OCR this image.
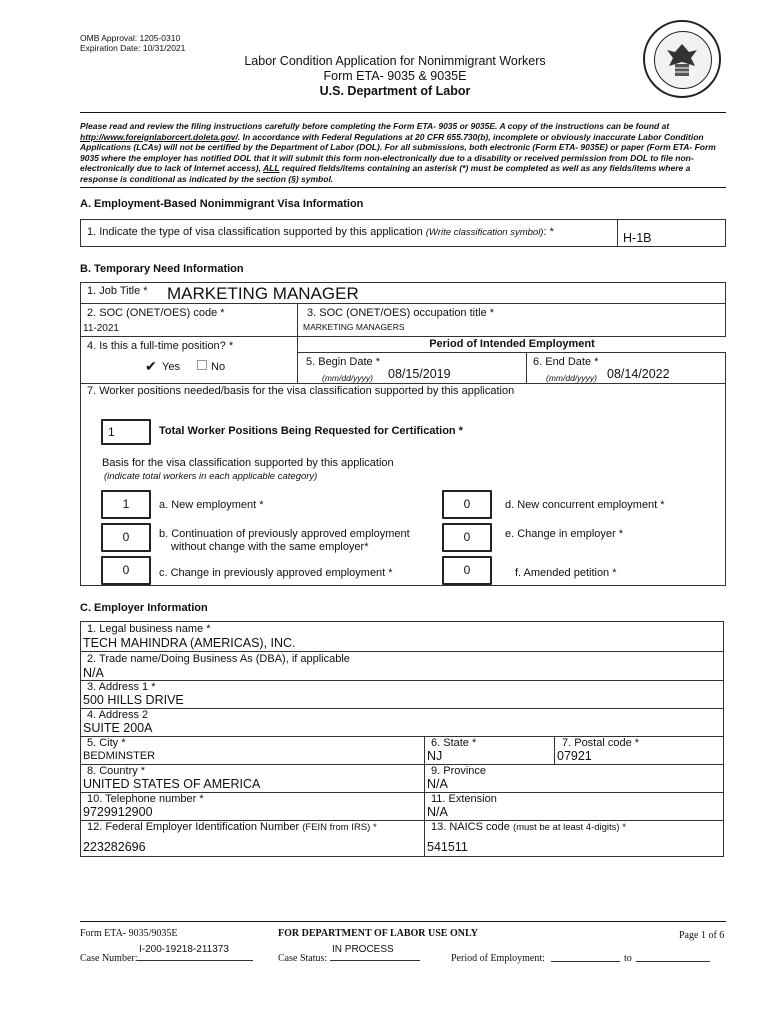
OMB Approval: 1205-0310
Expiration Date: 10/31/2021
Labor Condition Application for Nonimmigrant Workers
Form ETA- 9035 & 9035E
U.S. Department of Labor
Please read and review the filing instructions carefully before completing the Form ETA- 9035 or 9035E. A copy of the instructions can be found at http://www.foreignlaborcert.doleta.gov/. In accordance with Federal Regulations at 20 CFR 655.730(b), incomplete or obviously inaccurate Labor Condition Applications (LCAs) will not be certified by the Department of Labor (DOL). For all submissions, both electronic (Form ETA- 9035E) or paper (Form ETA- Form 9035 where the employer has notified DOL that it will submit this form non-electronically due to a disability or received permission from DOL to file non-electronically due to lack of Internet access), ALL required fields/items containing an asterisk (*) must be completed as well as any fields/items where a response is conditional as indicated by the section (§) symbol.
A. Employment-Based Nonimmigrant Visa Information
1. Indicate the type of visa classification supported by this application (Write classification symbol): *	H-1B
B. Temporary Need Information
1. Job Title * MARKETING MANAGER
2. SOC (ONET/OES) code *
11-2021
3. SOC (ONET/OES) occupation title *
MARKETING MANAGERS
4. Is this a full-time position? *
✔ Yes	No
Period of Intended Employment
5. Begin Date *
(mm/dd/yyyy) 08/15/2019
6. End Date *
(mm/dd/yyyy) 08/14/2022
7. Worker positions needed/basis for the visa classification supported by this application
1	Total Worker Positions Being Requested for Certification *
Basis for the visa classification supported by this application
(indicate total workers in each applicable category)
1	a. New employment *
0	b. Continuation of previously approved employment
without change with the same employer*
0	c. Change in previously approved employment *
0	d. New concurrent employment *
0	e. Change in employer *
0	f. Amended petition *
C. Employer Information
1. Legal business name *
TECH MAHINDRA (AMERICAS), INC.
2. Trade name/Doing Business As (DBA), if applicable
N/A
3. Address 1 *
500 HILLS DRIVE
4. Address 2
SUITE 200A
5. City *
BEDMINSTER
6. State *
NJ
7. Postal code *
07921
8. Country *
UNITED STATES OF AMERICA
9. Province
N/A
10. Telephone number *
9729912900
11. Extension
N/A
12. Federal Employer Identification Number (FEIN from IRS) *
223282696
13. NAICS code (must be at least 4-digits) *
541511
Form ETA- 9035/9035E	FOR DEPARTMENT OF LABOR USE ONLY	Page 1 of 6
Case Number:
I-200-19218-211373
Case Status:
IN PROCESS
Period of Employment:	to
